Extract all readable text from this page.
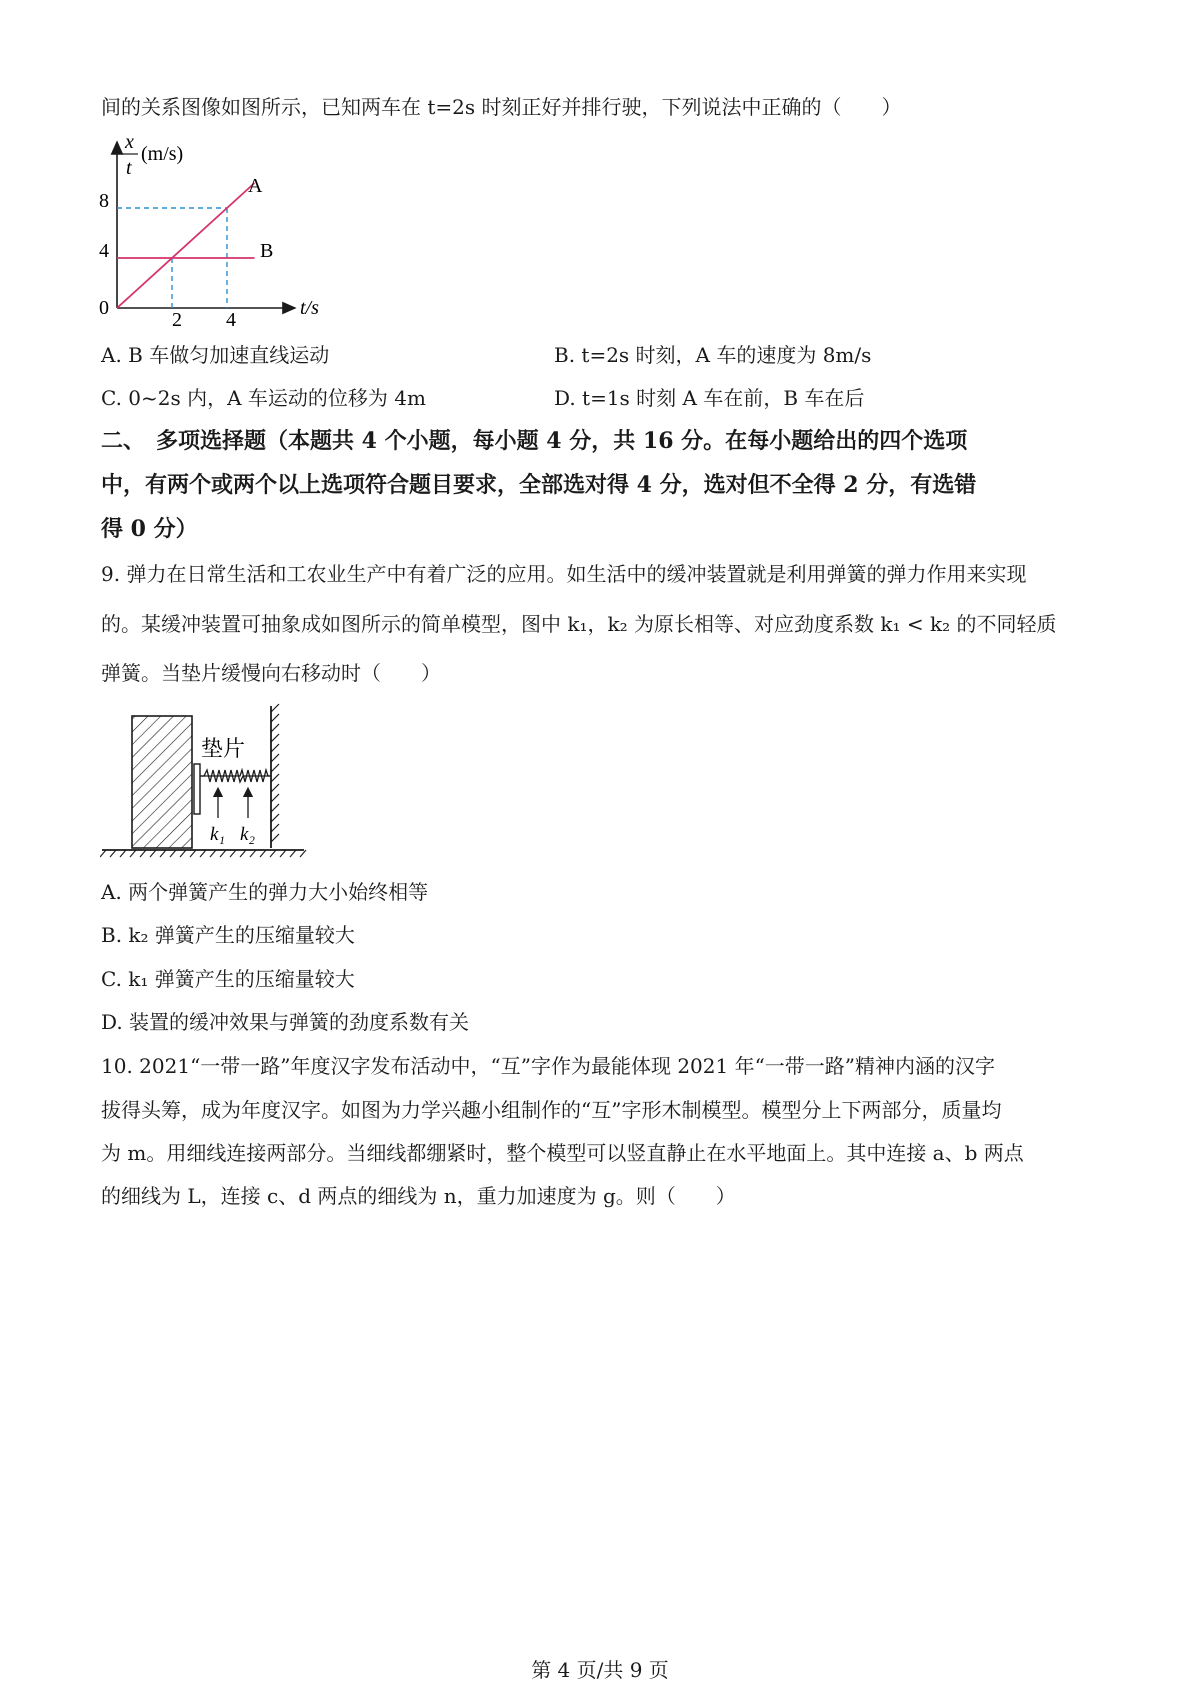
间的关系图像如图所示，已知两车在 t=2s 时刻正好并排行驶，下列说法中正确的（　　）
x
t
(m/s)
0
8
4
2 4
t/s
A
B
A. B 车做匀加速直线运动	B. t=2s 时刻，A 车的速度为 8m/s
C. 0~2s 内，A 车运动的位移为 4m	D. t=1s 时刻 A 车在前，B 车在后
二、　多项选择题（本题共 4 个小题，每小题 4 分，共 16 分。在每小题给出的四个选项
中，有两个或两个以上选项符合题目要求，全部选对得 4 分，选对但不全得 2 分，有选错
得 0 分）
9. 弹力在日常生活和工农业生产中有着广泛的应用。如生活中的缓冲装置就是利用弹簧的弹力作用来实现
的。某缓冲装置可抽象成如图所示的简单模型，图中 k₁，k₂ 为原长相等、对应劲度系数 k₁ < k₂ 的不同轻质
弹簧。当垫片缓慢向右移动时（　　）
垫片
k₁ k₂
A. 两个弹簧产生的弹力大小始终相等
B. k₂ 弹簧产生的压缩量较大
C. k₁ 弹簧产生的压缩量较大
D. 装置的缓冲效果与弹簧的劲度系数有关
10. 2021“一带一路”年度汉字发布活动中，“互”字作为最能体现 2021 年“一带一路”精神内涵的汉字
拔得头筹，成为年度汉字。如图为力学兴趣小组制作的“互”字形木制模型。模型分上下两部分，质量均
为 m。用细线连接两部分。当细线都绷紧时，整个模型可以竖直静止在水平地面上。其中连接 a、b 两点
的细线为 L，连接 c、d 两点的细线为 n，重力加速度为 g。则（　　）
第 4 页/共 9 页
